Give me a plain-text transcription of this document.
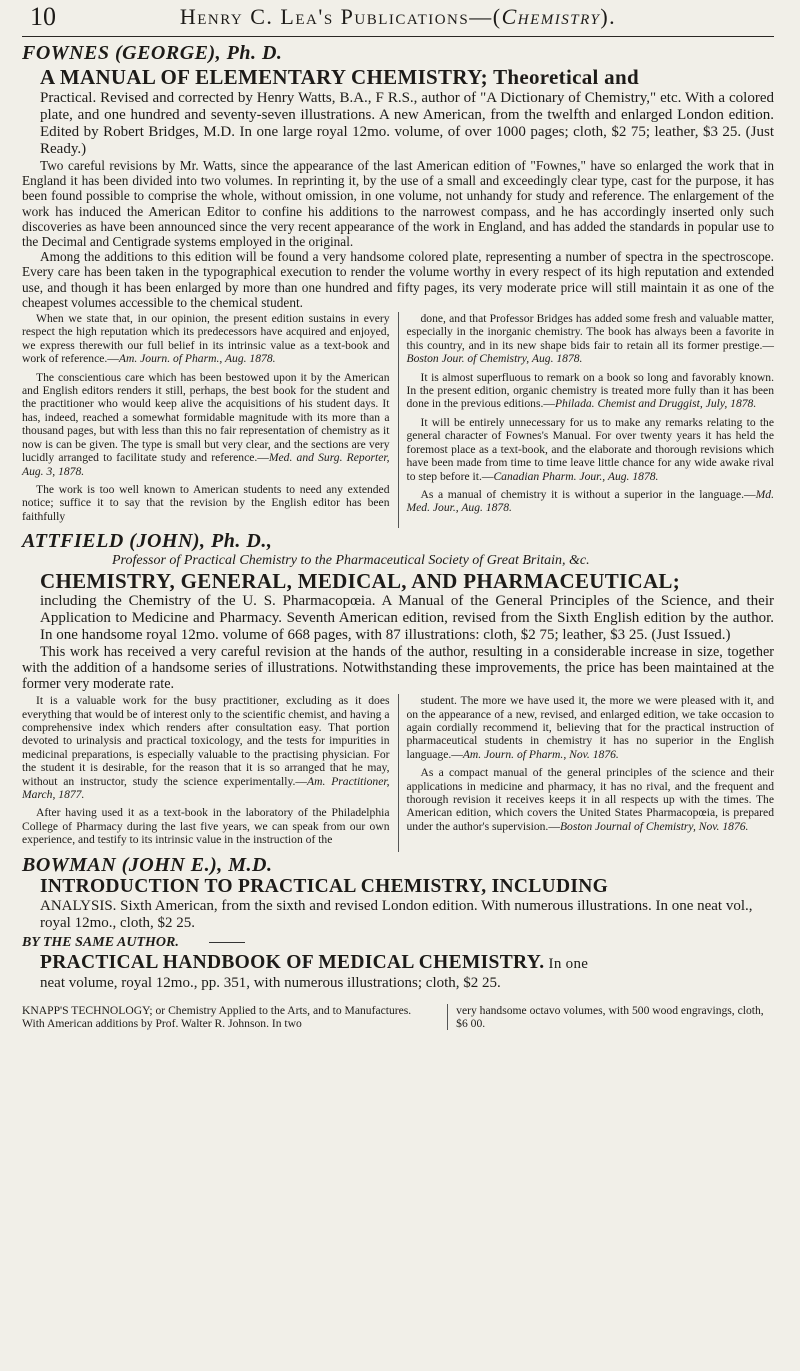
10	Henry C. Lea's Publications—(Chemistry).
FOWNES (GEORGE), Ph. D.
A MANUAL OF ELEMENTARY CHEMISTRY; Theoretical and
Practical. Revised and corrected by Henry Watts, B.A., F R.S., author of "A Dictionary of Chemistry," etc. With a colored plate, and one hundred and seventy-seven illustrations. A new American, from the twelfth and enlarged London edition. Edited by Robert Bridges, M.D. In one large royal 12mo. volume, of over 1000 pages; cloth, $2 75; leather, $3 25. (Just Ready.)

Two careful revisions by Mr. Watts, since the appearance of the last American edition of "Fownes," have so enlarged the work that in England it has been divided into two volumes. In reprinting it, by the use of a small and exceedingly clear type, cast for the purpose, it has been found possible to comprise the whole, without omission, in one volume, not unhandy for study and reference. The enlargement of the work has induced the American Editor to confine his additions to the narrowest compass, and he has accordingly inserted only such discoveries as have been announced since the very recent appearance of the work in England, and has added the standards in popular use to the Decimal and Centigrade systems employed in the original.

Among the additions to this edition will be found a very handsome colored plate, representing a number of spectra in the spectroscope. Every care has been taken in the typographical execution to render the volume worthy in every respect of its high reputation and extended use, and though it has been enlarged by more than one hundred and fifty pages, its very moderate price will still maintain it as one of the cheapest volumes accessible to the chemical student.

When we state that, in our opinion, the present edition sustains in every respect the high reputation which its predecessors have acquired and enjoyed, we express therewith our full belief in its intrinsic value as a text-book and work of reference.—Am. Journ. of Pharm., Aug. 1878.

The conscientious care which has been bestowed upon it by the American and English editors renders it still, perhaps, the best book for the student and the practitioner who would keep alive the acquisitions of his student days. It has, indeed, reached a somewhat formidable magnitude with its more than a thousand pages, but with less than this no fair representation of chemistry as it now is can be given. The type is small but very clear, and the sections are very lucidly arranged to facilitate study and reference.—Med. and Surg. Reporter, Aug. 3, 1878.

The work is too well known to American students to need any extended notice; suffice it to say that the revision by the English editor has been faithfully

done, and that Professor Bridges has added some fresh and valuable matter, especially in the inorganic chemistry. The book has always been a favorite in this country, and in its new shape bids fair to retain all its former prestige.—Boston Jour. of Chemistry, Aug. 1878.

It is almost superfluous to remark on a book so long and favorably known. In the present edition, organic chemistry is treated more fully than it has been done in the previous editions.—Philada. Chemist and Druggist, July, 1878.

It will be entirely unnecessary for us to make any remarks relating to the general character of Fownes's Manual. For over twenty years it has held the foremost place as a text-book, and the elaborate and thorough revisions which have been made from time to time leave little chance for any wide awake rival to step before it.—Canadian Pharm. Jour., Aug. 1878.

As a manual of chemistry it is without a superior in the language.—Md. Med. Jour., Aug. 1878.

ATTFIELD (JOHN), Ph. D.,
Professor of Practical Chemistry to the Pharmaceutical Society of Great Britain, &c.
CHEMISTRY, GENERAL, MEDICAL, AND PHARMACEUTICAL;
including the Chemistry of the U. S. Pharmacopœia. A Manual of the General Principles of the Science, and their Application to Medicine and Pharmacy. Seventh American edition, revised from the Sixth English edition by the author. In one handsome royal 12mo. volume of 668 pages, with 87 illustrations: cloth, $2 75; leather, $3 25. (Just Issued.)

This work has received a very careful revision at the hands of the author, resulting in a considerable increase in size, together with the addition of a handsome series of illustrations. Notwithstanding these improvements, the price has been maintained at the former very moderate rate.

It is a valuable work for the busy practitioner, excluding as it does everything that would be of interest only to the scientific chemist, and having a comprehensive index which renders after consultation easy. That portion devoted to urinalysis and practical toxicology, and the tests for impurities in medicinal preparations, is especially valuable to the practising physician. For the student it is desirable, for the reason that it is so arranged that he may, without an instructor, study the science experimentally.—Am. Practitioner, March, 1877.

After having used it as a text-book in the laboratory of the Philadelphia College of Pharmacy during the last five years, we can speak from our own experience, and testify to its intrinsic value in the instruction of the

student. The more we have used it, the more we were pleased with it, and on the appearance of a new, revised, and enlarged edition, we take occasion to again cordially recommend it, believing that for the practical instruction of pharmaceutical students in chemistry it has no superior in the English language.—Am. Journ. of Pharm., Nov. 1876.

As a compact manual of the general principles of the science and their applications in medicine and pharmacy, it has no rival, and the frequent and thorough revision it receives keeps it in all respects up with the times. The American edition, which covers the United States Pharmacopœia, is prepared under the author's supervision.—Boston Journal of Chemistry, Nov. 1876.

BOWMAN (JOHN E.), M.D.
INTRODUCTION TO PRACTICAL CHEMISTRY, INCLUDING
ANALYSIS. Sixth American, from the sixth and revised London edition. With numerous illustrations. In one neat vol., royal 12mo., cloth, $2 25.
BY THE SAME AUTHOR.
PRACTICAL HANDBOOK OF MEDICAL CHEMISTRY. In one
neat volume, royal 12mo., pp. 351, with numerous illustrations; cloth, $2 25.
KNAPP'S TECHNOLOGY; or Chemistry Applied to the Arts, and to Manufactures. With American additions by Prof. Walter R. Johnson. In two
very handsome octavo volumes, with 500 wood engravings, cloth, $6 00.
